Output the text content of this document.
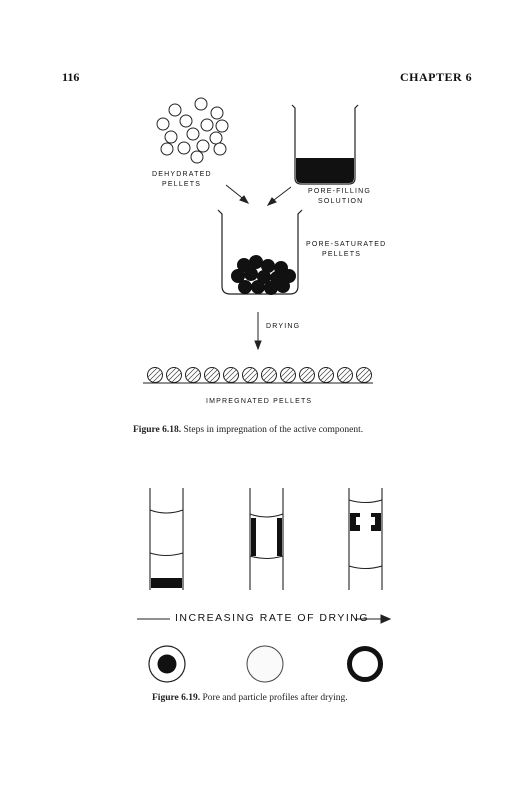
116	CHAPTER 6
DEHYDRATED
PELLETS
PORE-FILLING
SOLUTION
PORE-SATURATED
PELLETS
DRYING
IMPREGNATED PELLETS
Figure 6.18. Steps in impregnation of the active component.
INCREASING RATE OF DRYING
Figure 6.19. Pore and particle profiles after drying.
